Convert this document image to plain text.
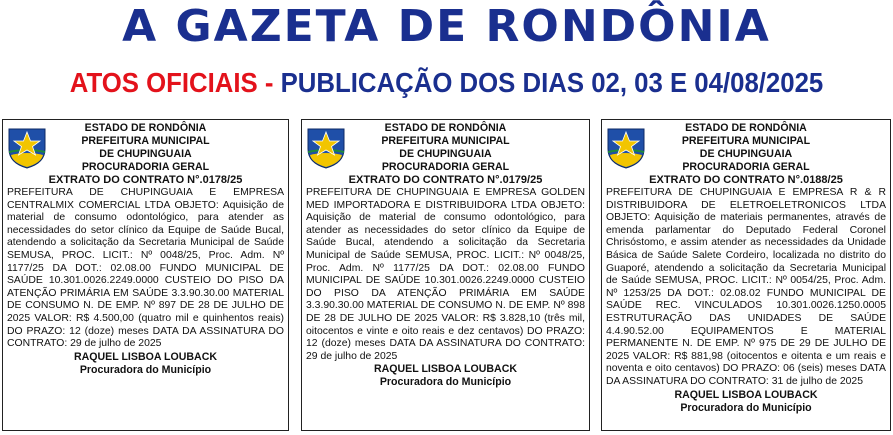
A GAZETA DE RONDÔNIA
ATOS OFICIAIS - PUBLICAÇÃO DOS DIAS 02, 03 E 04/08/2025
ESTADO DE RONDÔNIA
PREFEITURA MUNICIPAL
DE CHUPINGUAIA
PROCURADORIA GERAL
EXTRATO DO CONTRATO N°.0178/25
PREFEITURA DE CHUPINGUAIA E EMPRESA CENTRALMIX COMERCIAL LTDA OBJETO: Aquisição de material de consumo odontológico, para atender as necessidades do setor clínico da Equipe de Saúde Bucal, atendendo a solicitação da Secretaria Municipal de Saúde SEMUSA, PROC. LICIT.: Nº 0048/25, Proc. Adm. Nº 1177/25 DA DOT.: 02.08.00 FUNDO MUNICIPAL DE SAÚDE 10.301.0026.2249.0000 CUSTEIO DO PISO DA ATENÇÃO PRIMÁRIA EM SAÚDE 3.3.90.30.00 MATERIAL DE CONSUMO N. DE EMP. Nº 897 DE 28 DE JULHO DE 2025 VALOR: R$ 4.500,00 (quatro mil e quinhentos reais) DO PRAZO: 12 (doze) meses DATA DA ASSINATURA DO CONTRATO: 29 de julho de 2025
RAQUEL LISBOA LOUBACK
Procuradora do Município
ESTADO DE RONDÔNIA
PREFEITURA MUNICIPAL
DE CHUPINGUAIA
PROCURADORIA GERAL
EXTRATO DO CONTRATO N°.0179/25
PREFEITURA DE CHUPINGUAIA E EMPRESA GOLDEN MED IMPORTADORA E DISTRIBUIDORA LTDA OBJETO: Aquisição de material de consumo odontológico, para atender as necessidades do setor clínico da Equipe de Saúde Bucal, atendendo a solicitação da Secretaria Municipal de Saúde SEMUSA, PROC. LICIT.: Nº 0048/25, Proc. Adm. Nº 1177/25 DA DOT.: 02.08.00 FUNDO MUNICIPAL DE SAÚDE 10.301.0026.2249.0000 CUSTEIO DO PISO DA ATENÇÃO PRIMÁRIA EM SAÚDE 3.3.90.30.00 MATERIAL DE CONSUMO N. DE EMP. Nº 898 DE 28 DE JULHO DE 2025 VALOR: R$ 3.828,10 (três mil, oitocentos e vinte e oito reais e dez centavos) DO PRAZO: 12 (doze) meses DATA DA ASSINATURA DO CONTRATO: 29 de julho de 2025
RAQUEL LISBOA LOUBACK
Procuradora do Município
ESTADO DE RONDÔNIA
PREFEITURA MUNICIPAL
DE CHUPINGUAIA
PROCURADORIA GERAL
EXTRATO DO CONTRATO N°.0188/25
PREFEITURA DE CHUPINGUAIA E EMPRESA R & R DISTRIBUIDORA DE ELETROELETRONICOS LTDA OBJETO: Aquisição de materiais permanentes, através de emenda parlamentar do Deputado Federal Coronel Chrisóstomo, e assim atender as necessidades da Unidade Básica de Saúde Salete Cordeiro, localizada no distrito do Guaporé, atendendo a solicitação da Secretaria Municipal de Saúde SEMUSA, PROC. LICIT.: Nº 0054/25, Proc. Adm. Nº 1253/25 DA DOT.: 02.08.02 FUNDO MUNICIPAL DE SAÚDE REC. VINCULADOS 10.301.0026.1250.0005 ESTRUTURAÇÃO DAS UNIDADES DE SAÚDE 4.4.90.52.00 EQUIPAMENTOS E MATERIAL PERMANENTE N. DE EMP. Nº 975 DE 29 DE JULHO DE 2025 VALOR: R$ 881,98 (oitocentos e oitenta e um reais e noventa e oito centavos) DO PRAZO: 06 (seis) meses DATA DA ASSINATURA DO CONTRATO: 31 de julho de 2025
RAQUEL LISBOA LOUBACK
Procuradora do Município
